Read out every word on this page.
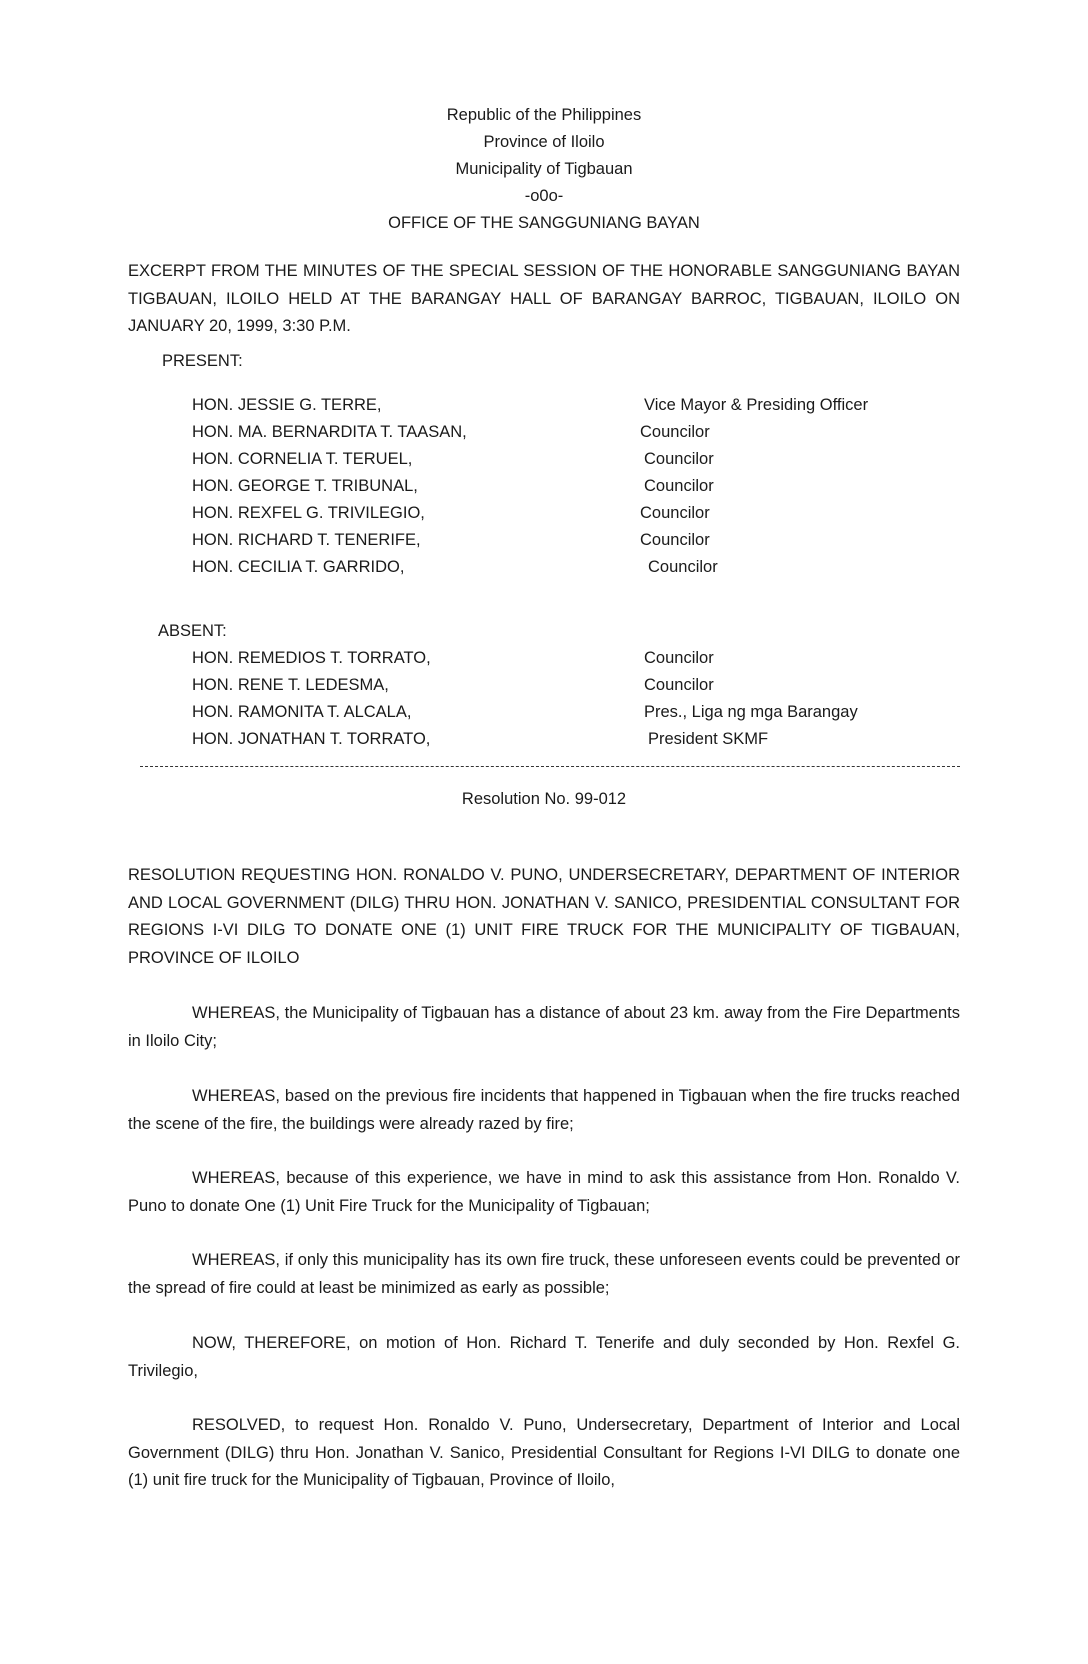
Republic of the Philippines
Province of Iloilo
Municipality of Tigbauan
-o0o-
OFFICE OF THE SANGGUNIANG BAYAN

EXCERPT FROM THE MINUTES OF THE SPECIAL SESSION OF THE HONORABLE SANGGUNIANG BAYAN TIGBAUAN, ILOILO HELD AT THE BARANGAY HALL OF BARANGAY BARROC, TIGBAUAN, ILOILO ON JANUARY 20, 1999, 3:30 P.M.

PRESENT:
HON. JESSIE G. TERRE,	Vice Mayor & Presiding Officer
HON. MA. BERNARDITA T. TAASAN,	Councilor
HON. CORNELIA T. TERUEL,	Councilor
HON. GEORGE T. TRIBUNAL,	Councilor
HON. REXFEL G. TRIVILEGIO,	Councilor
HON. RICHARD T. TENERIFE,	Councilor
HON. CECILIA T. GARRIDO,	Councilor
ABSENT:
HON. REMEDIOS T. TORRATO,	Councilor
HON. RENE T. LEDESMA,	Councilor
HON. RAMONITA T. ALCALA,	Pres., Liga ng mga Barangay
HON. JONATHAN T. TORRATO,	President SKMF
Resolution No. 99-012
RESOLUTION REQUESTING HON. RONALDO V. PUNO, UNDERSECRETARY, DEPARTMENT OF INTERIOR AND LOCAL GOVERNMENT (DILG) THRU HON. JONATHAN V. SANICO, PRESIDENTIAL CONSULTANT FOR REGIONS I-VI DILG TO DONATE ONE (1) UNIT FIRE TRUCK FOR THE MUNICIPALITY OF TIGBAUAN, PROVINCE OF ILOILO
WHEREAS, the Municipality of Tigbauan has a distance of about 23 km. away from the Fire Departments in Iloilo City;
WHEREAS, based on the previous fire incidents that happened in Tigbauan when the fire trucks reached the scene of the fire, the buildings were already razed by fire;
WHEREAS, because of this experience, we have in mind to ask this assistance from Hon. Ronaldo V. Puno to donate One (1) Unit Fire Truck for the Municipality of Tigbauan;
WHEREAS, if only this municipality has its own fire truck, these unforeseen events could be prevented or the spread of fire could at least be minimized as early as possible;
NOW, THEREFORE, on motion of Hon. Richard T. Tenerife and duly seconded by Hon. Rexfel G. Trivilegio,
RESOLVED, to request Hon. Ronaldo V. Puno, Undersecretary, Department of Interior and Local Government (DILG) thru Hon. Jonathan V. Sanico, Presidential Consultant for Regions I-VI DILG to donate one (1) unit fire truck for the Municipality of Tigbauan, Province of Iloilo,
